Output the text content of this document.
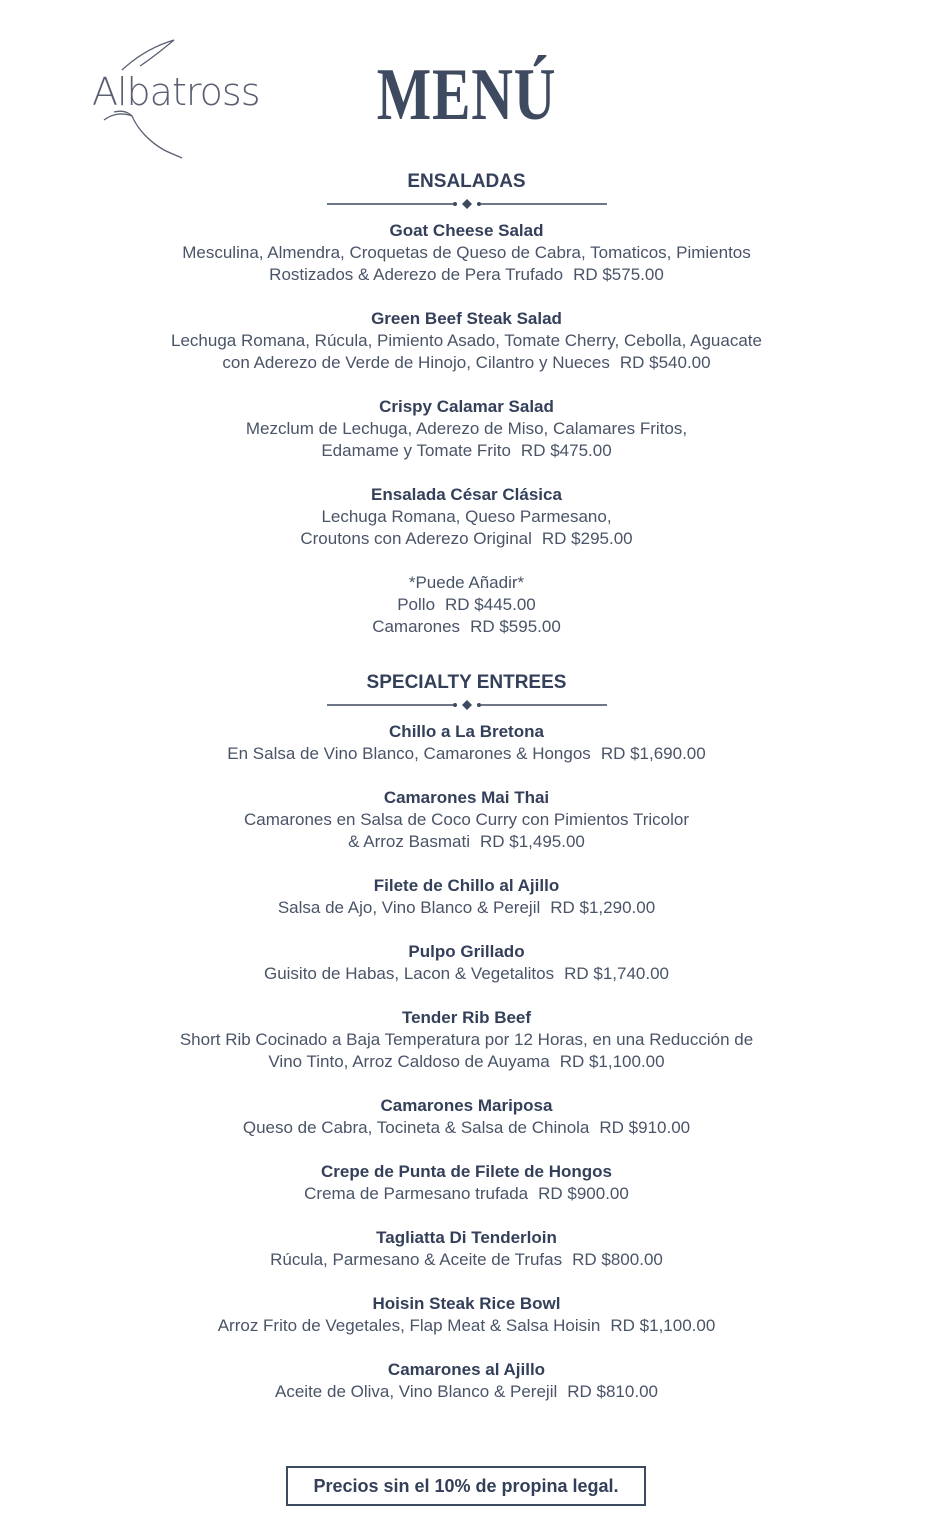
Albatross	MENÚ
ENSALADAS
Goat Cheese Salad
Mesculina, Almendra, Croquetas de Queso de Cabra, Tomaticos, Pimientos
Rostizados & Aderezo de Pera Trufado RD $575.00
Green Beef Steak Salad
Lechuga Romana, Rúcula, Pimiento Asado, Tomate Cherry, Cebolla, Aguacate
con Aderezo de Verde de Hinojo, Cilantro y Nueces RD $540.00
Crispy Calamar Salad
Mezclum de Lechuga, Aderezo de Miso, Calamares Fritos,
Edamame y Tomate Frito RD $475.00
Ensalada César Clásica
Lechuga Romana, Queso Parmesano,
Croutons con Aderezo Original RD $295.00
*Puede Añadir*
Pollo RD $445.00
Camarones RD $595.00
SPECIALTY ENTREES
Chillo a La Bretona
En Salsa de Vino Blanco, Camarones & Hongos RD $1,690.00
Camarones Mai Thai
Camarones en Salsa de Coco Curry con Pimientos Tricolor
& Arroz Basmati RD $1,495.00
Filete de Chillo al Ajillo
Salsa de Ajo, Vino Blanco & Perejil RD $1,290.00
Pulpo Grillado
Guisito de Habas, Lacon & Vegetalitos RD $1,740.00
Tender Rib Beef
Short Rib Cocinado a Baja Temperatura por 12 Horas, en una Reducción de
Vino Tinto, Arroz Caldoso de Auyama RD $1,100.00
Camarones Mariposa
Queso de Cabra, Tocineta & Salsa de Chinola RD $910.00
Crepe de Punta de Filete de Hongos
Crema de Parmesano trufada RD $900.00
Tagliatta Di Tenderloin
Rúcula, Parmesano & Aceite de Trufas RD $800.00
Hoisin Steak Rice Bowl
Arroz Frito de Vegetales, Flap Meat & Salsa Hoisin RD $1,100.00
Camarones al Ajillo
Aceite de Oliva, Vino Blanco & Perejil RD $810.00
Precios sin el 10% de propina legal.
